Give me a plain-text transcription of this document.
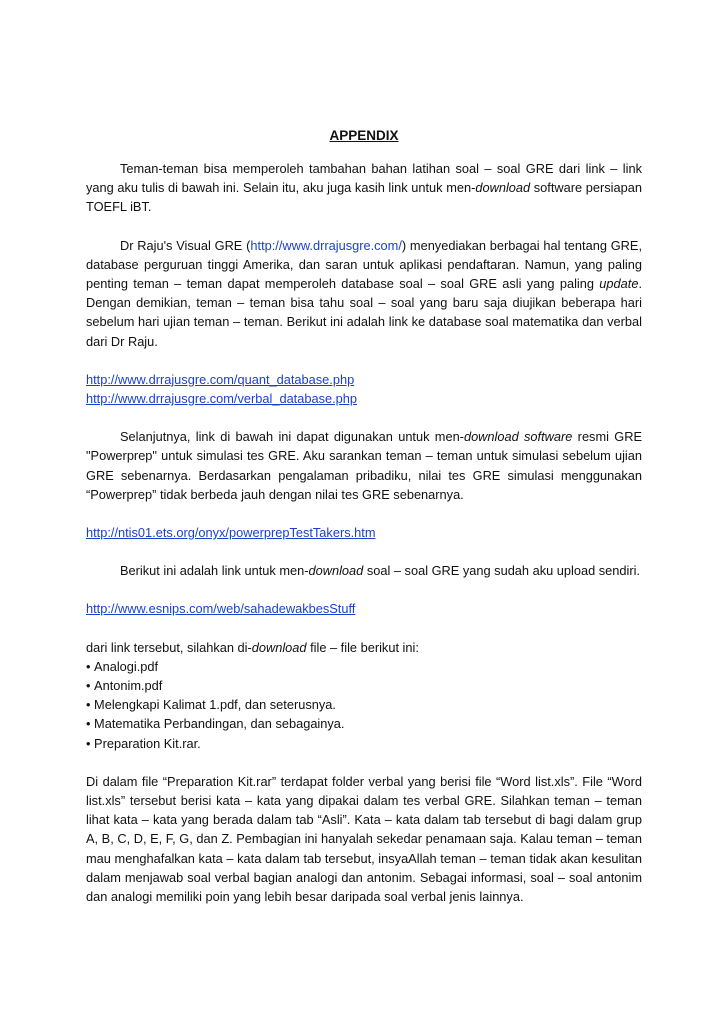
APPENDIX

Teman-teman bisa memperoleh tambahan bahan latihan soal – soal GRE dari link – link yang aku tulis di bawah ini. Selain itu, aku juga kasih link untuk men-download software persiapan TOEFL iBT.

Dr Raju's Visual GRE (http://www.drrajusgre.com/) menyediakan berbagai hal tentang GRE, database perguruan tinggi Amerika, dan saran untuk aplikasi pendaftaran. Namun, yang paling penting teman – teman dapat memperoleh database soal – soal GRE asli yang paling update. Dengan demikian, teman – teman bisa tahu soal – soal yang baru saja diujikan beberapa hari sebelum hari ujian teman – teman. Berikut ini adalah link ke database soal matematika dan verbal dari Dr Raju.

http://www.drrajusgre.com/quant_database.php
http://www.drrajusgre.com/verbal_database.php

Selanjutnya, link di bawah ini dapat digunakan untuk men-download software resmi GRE "Powerprep" untuk simulasi tes GRE. Aku sarankan teman – teman untuk simulasi sebelum ujian GRE sebenarnya. Berdasarkan pengalaman pribadiku, nilai tes GRE simulasi menggunakan “Powerprep” tidak berbeda jauh dengan nilai tes GRE sebenarnya.

http://ntis01.ets.org/onyx/powerprepTestTakers.htm

Berikut ini adalah link untuk men-download soal – soal GRE yang sudah aku upload sendiri.

http://www.esnips.com/web/sahadewakbesStuff

dari link tersebut, silahkan di-download file – file berikut ini:

• Analogi.pdf
• Antonim.pdf
• Melengkapi Kalimat 1.pdf, dan seterusnya.
• Matematika Perbandingan, dan sebagainya.
• Preparation Kit.rar.

Di dalam file “Preparation Kit.rar” terdapat folder verbal yang berisi file “Word list.xls”. File “Word list.xls” tersebut berisi kata – kata yang dipakai dalam tes verbal GRE. Silahkan teman – teman lihat kata – kata yang berada dalam tab “Asli”. Kata – kata dalam tab tersebut di bagi dalam grup A, B, C, D, E, F, G, dan Z. Pembagian ini hanyalah sekedar penamaan saja. Kalau teman – teman mau menghafalkan kata – kata dalam tab tersebut, insyaAllah teman – teman tidak akan kesulitan dalam menjawab soal verbal bagian analogi dan antonim. Sebagai informasi, soal – soal antonim dan analogi memiliki poin yang lebih besar daripada soal verbal jenis lainnya.
